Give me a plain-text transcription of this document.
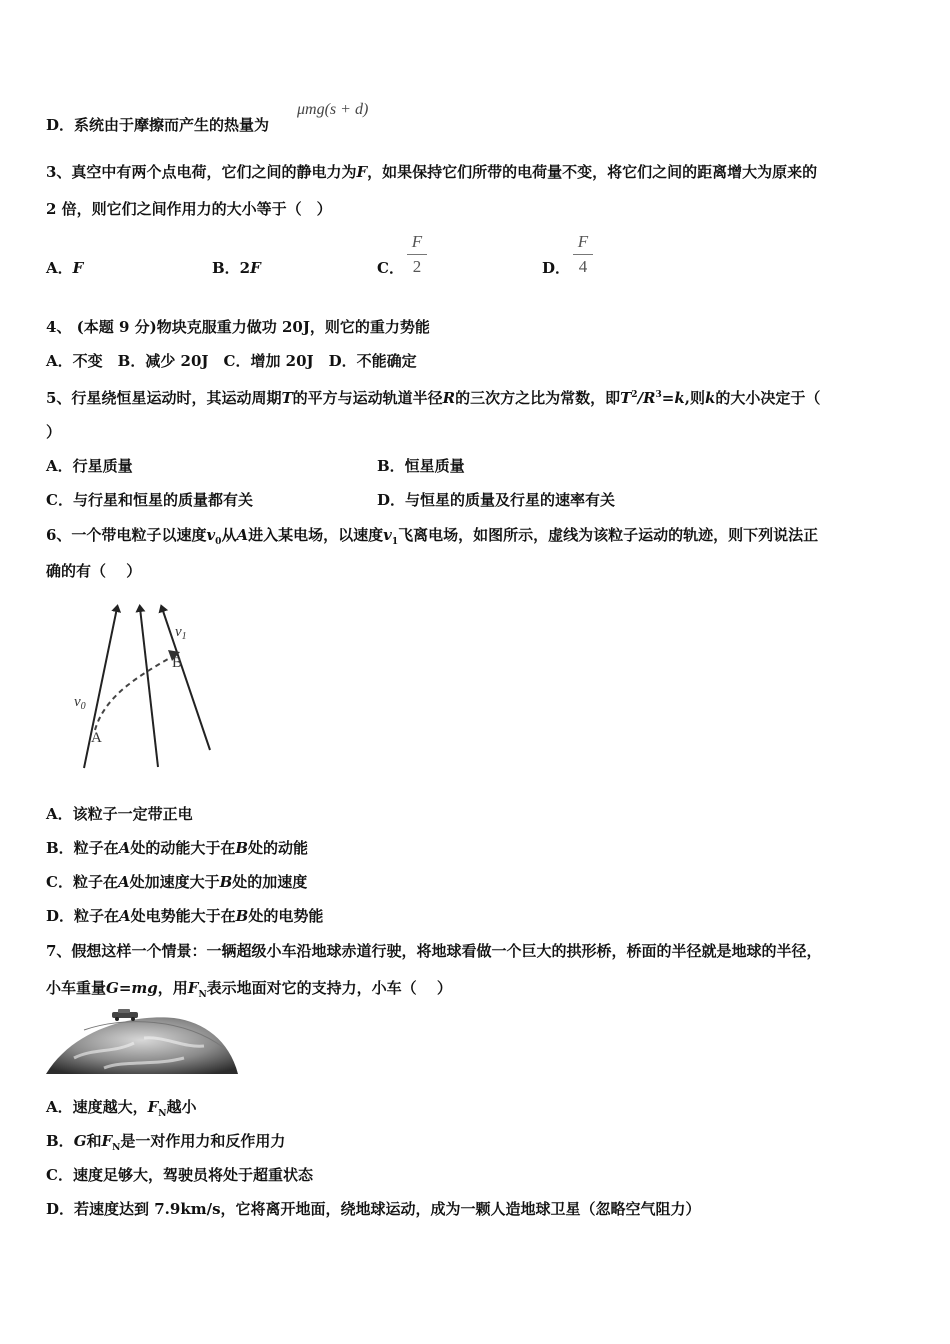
D．系统由于摩擦而产生的热量为
μmg(s + d)
3、真空中有两个点电荷，它们之间的静电力为F，如果保持它们所带的电荷量不变，将它们之间的距离增大为原来的
2 倍，则它们之间作用力的大小等于（　）
A．F	B．2F	C．
F
2	D．
F
4
4、 (本题 9 分)物块克服重力做功 20J，则它的重力势能
A．不变　B．减少 20J　C．增加 20J　D．不能确定
5、行星绕恒星运动时，其运动周期T的平方与运动轨道半径R的三次方之比为常数，即$T^2/R^3=k$,则k的大小决定于（
）
A．行星质量	B．恒星质量
C．与行星和恒星的质量都有关	D．与恒星的质量及行星的速率有关
6、一个带电粒子以速度$v_0$从A进入某电场，以速度$v_1$飞离电场，如图所示，虚线为该粒子运动的轨迹，则下列说法正
确的有（　 ）
$v_0$
$v_1$
A
B
A．该粒子一定带正电
B．粒子在A处的动能大于在B处的动能
C．粒子在A处加速度大于B处的加速度
D．粒子在A处电势能大于在B处的电势能
7、假想这样一个情景：一辆超级小车沿地球赤道行驶，将地球看做一个巨大的拱形桥，桥面的半径就是地球的半径，
小车重量G=mg，用$F_N$表示地面对它的支持力，小车（　 ）
A．速度越大，$F_N$越小
B．G和$F_N$是一对作用力和反作用力
C．速度足够大，驾驶员将处于超重状态
D．若速度达到 7.9km/s，它将离开地面，绕地球运动，成为一颗人造地球卫星（忽略空气阻力）
